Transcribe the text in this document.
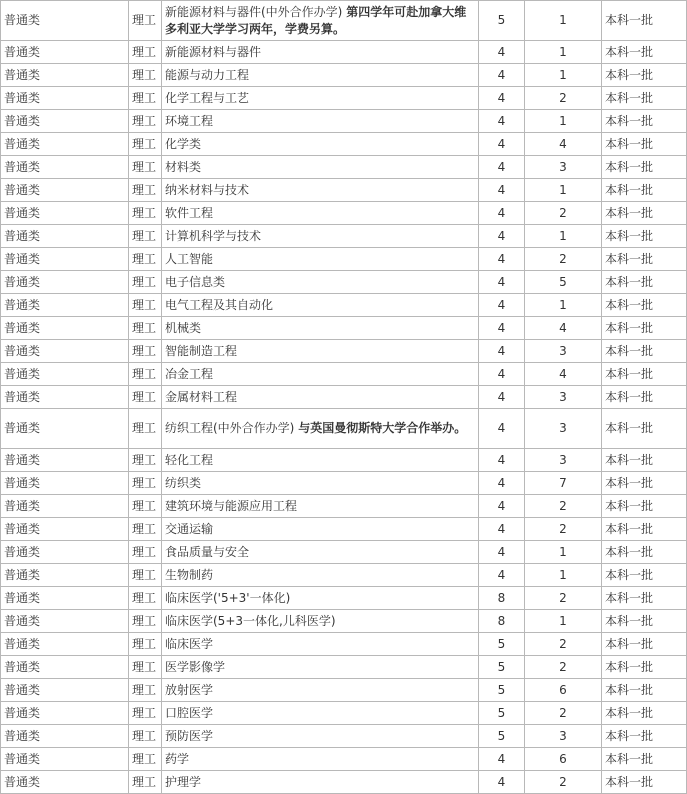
普通类	理工	新能源材料与器件(中外合作办学) 第四学年可赴加拿大维多利亚大学学习两年，学费另算。	5	1	本科一批
普通类	理工	新能源材料与器件	4	1	本科一批
普通类	理工	能源与动力工程	4	1	本科一批
普通类	理工	化学工程与工艺	4	2	本科一批
普通类	理工	环境工程	4	1	本科一批
普通类	理工	化学类	4	4	本科一批
普通类	理工	材料类	4	3	本科一批
普通类	理工	纳米材料与技术	4	1	本科一批
普通类	理工	软件工程	4	2	本科一批
普通类	理工	计算机科学与技术	4	1	本科一批
普通类	理工	人工智能	4	2	本科一批
普通类	理工	电子信息类	4	5	本科一批
普通类	理工	电气工程及其自动化	4	1	本科一批
普通类	理工	机械类	4	4	本科一批
普通类	理工	智能制造工程	4	3	本科一批
普通类	理工	冶金工程	4	4	本科一批
普通类	理工	金属材料工程	4	3	本科一批
普通类	理工	纺织工程(中外合作办学) 与英国曼彻斯特大学合作举办。	4	3	本科一批
普通类	理工	轻化工程	4	3	本科一批
普通类	理工	纺织类	4	7	本科一批
普通类	理工	建筑环境与能源应用工程	4	2	本科一批
普通类	理工	交通运输	4	2	本科一批
普通类	理工	食品质量与安全	4	1	本科一批
普通类	理工	生物制药	4	1	本科一批
普通类	理工	临床医学('5+3'一体化)	8	2	本科一批
普通类	理工	临床医学(5+3一体化,儿科医学)	8	1	本科一批
普通类	理工	临床医学	5	2	本科一批
普通类	理工	医学影像学	5	2	本科一批
普通类	理工	放射医学	5	6	本科一批
普通类	理工	口腔医学	5	2	本科一批
普通类	理工	预防医学	5	3	本科一批
普通类	理工	药学	4	6	本科一批
普通类	理工	护理学	4	2	本科一批
